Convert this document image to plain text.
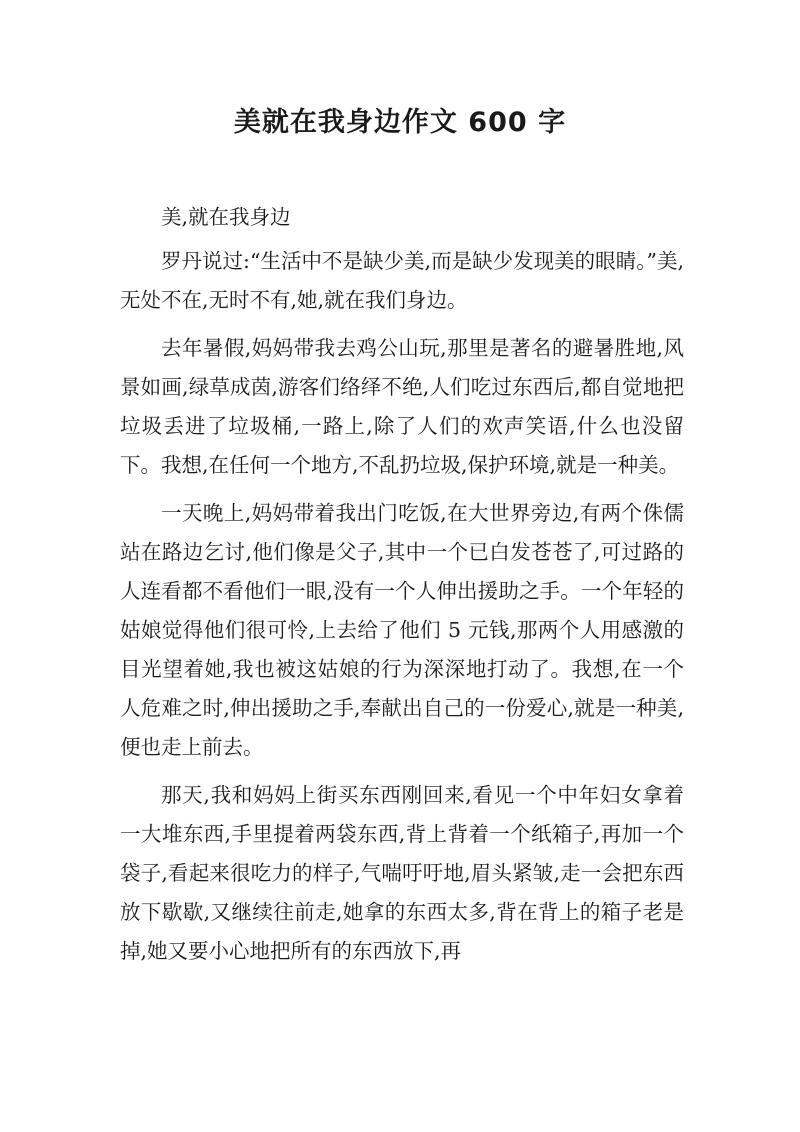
美就在我身边作文 600 字

美,就在我身边

罗丹说过:“生活中不是缺少美,而是缺少发现美的眼睛。”美,无处不在,无时不有,她,就在我们身边。

去年暑假,妈妈带我去鸡公山玩,那里是著名的避暑胜地,风景如画,绿草成茵,游客们络绎不绝,人们吃过东西后,都自觉地把垃圾丢进了垃圾桶,一路上,除了人们的欢声笑语,什么也没留下。我想,在任何一个地方,不乱扔垃圾,保护环境,就是一种美。

一天晚上,妈妈带着我出门吃饭,在大世界旁边,有两个侏儒站在路边乞讨,他们像是父子,其中一个已白发苍苍了,可过路的人连看都不看他们一眼,没有一个人伸出援助之手。一个年轻的姑娘觉得他们很可怜,上去给了他们 5 元钱,那两个人用感激的目光望着她,我也被这姑娘的行为深深地打动了。我想,在一个人危难之时,伸出援助之手,奉献出自己的一份爱心,就是一种美,便也走上前去。

那天,我和妈妈上街买东西刚回来,看见一个中年妇女拿着一大堆东西,手里提着两袋东西,背上背着一个纸箱子,再加一个袋子,看起来很吃力的样子,气喘吁吁地,眉头紧皱,走一会把东西放下歇歇,又继续往前走,她拿的东西太多,背在背上的箱子老是掉,她又要小心地把所有的东西放下,再
